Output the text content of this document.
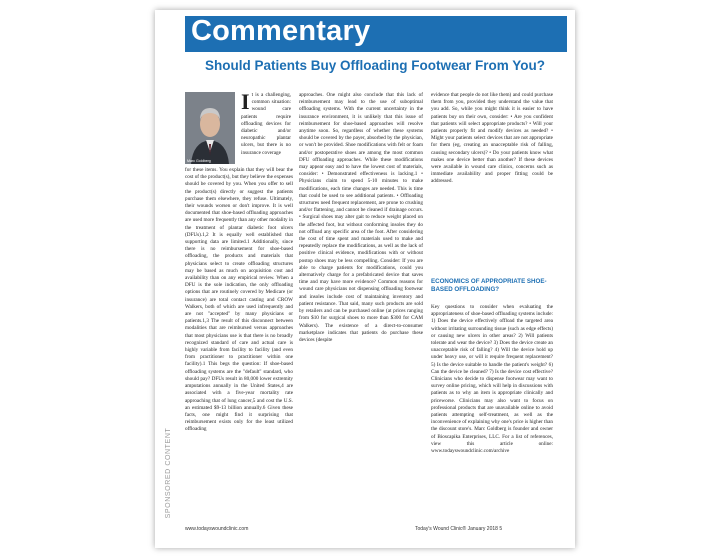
Commentary
Should Patients Buy Offloading Footwear From You?
SPONSORED CONTENT
Marc Goldberg
It is a challenging, common situation: wound care patients require offloading devices for diabetic and/or neuropathic plantar ulcers, but there is no insurance coverage
for these items. You explain that they will bear the cost of the product(s), but they believe the expenses should be covered by you. When you offer to sell the product(s) directly or suggest the patients purchase them elsewhere, they refuse. Ultimately, their wounds worsen or don't improve. It is well documented that shoe-based offloading approaches are used more frequently than any other modality in the treatment of plantar diabetic foot ulcers (DFUs).1,2 It is equally well established that supporting data are limited.1 Additionally, since there is no reimbursement for shoe-based offloading, the products and materials that physicians select to create offloading structures may be based as much on acquisition cost and availability than on any empirical review. When a DFU is the sole indication, the only offloading options that are routinely covered by Medicare (or insurance) are total contact casting and CROW Walkers, both of which are used infrequently and are not "accepted" by many physicians or patients.1,3 The result of this disconnect between modalities that are reimbursed versus approaches that most physicians use is that there is no broadly recognized standard of care and actual care is highly variable from facility to facility (and even from practitioner to practitioner within one facility).1 This begs the question: If shoe-based offloading systems are the "default" standard, who should pay? DFUs result in 80,000 lower extremity amputations annually in the United States,4 are associated with a five-year mortality rate approaching that of lung cancer,5 and cost the U.S. an estimated $9-13 billion annually.6 Given these facts, one might find it surprising that reimbursement exists only for the least utilized offloading
approaches. One might also conclude that this lack of reimbursement may lead to the use of suboptimal offloading systems. With the current uncertainty in the insurance environment, it is unlikely that this issue of reimbursement for shoe-based approaches will resolve anytime soon. So, regardless of whether these systems should be covered by the payer, absorbed by the physician, or won't be provided. Shoe modifications with felt or foam and/or postoperative shoes are among the most common DFU offloading approaches. While these modifications may appear easy and to have the lowest cost of materials, consider: • Demonstrated effectiveness is lacking.1 • Physicians claim to spend 5-10 minutes to make modifications, each time changes are needed. This is time that could be used to see additional patients. • Offloading structures need frequent replacement, are prone to crushing and/or flattening, and cannot be cleaned if drainage occurs. • Surgical shoes may alter gait to reduce weight placed on the affected foot, but without conforming insoles they do not offload any specific area of the foot. After considering the cost of time spent and materials used to make and repeatedly replace the modifications, as well as the lack of positive clinical evidence, modifications with or without postop shoes may be less compelling. Consider: If you are able to charge patients for modifications, could you alternatively charge for a prefabricated device that saves time and may have more evidence? Common reasons for wound care physicians not dispensing offloading footwear and insoles include cost of maintaining inventory and patient resistance. That said, many such products are sold by retailers and can be purchased online (at prices ranging from $10 for surgical shoes to more than $300 for CAM Walkers). The existence of a direct-to-consumer marketplace indicates that patients do purchase these devices (despite
evidence that people do not like them) and could purchase them from you, provided they understand the value that you add. So, while you might think it is easier to have patients buy on their own, consider: • Are you confident that patients will select appropriate products? • Will your patients properly fit and modify devices as needed? • Might your patients select devices that are not appropriate for them (eg, creating an unacceptable risk of falling, causing secondary ulcers)? • Do your patients know what makes one device better than another? If these devices were available in wound care clinics, concerns such as immediate availability and proper fitting could be addressed.
ECONOMICS OF APPROPRIATE SHOE-BASED OFFLOADING?
Key questions to consider when evaluating the appropriateness of shoe-based offloading systems include: 1) Does the device effectively offload the targeted area without irritating surrounding tissue (such as edge effects) or causing new ulcers in other areas? 2) Will patients tolerate and wear the device? 3) Does the device create an unacceptable risk of falling? 4) Will the device hold up under heavy use, or will it require frequent replacement? 5) Is the device suitable to handle the patient's weight? 6) Can the device be cleaned? 7) Is the device cost effective? Clinicians who decide to dispense footwear may want to survey online pricing, which will help in discussions with patients as to why an item is appropriate clinically and priceworse. Clinicians may also want to focus on professional products that are unavailable online to avoid patients attempting self-treatment, as well as the inconvenience of explaining why one's price is higher than the discount store's. Marc Goldberg is founder and owner of Bioscapika Enterprises, LLC. For a list of references, view this article online: www.todayswoundclinic.com/archive
www.todayswoundclinic.com	Today's Wound Clinic® January 2018 5
